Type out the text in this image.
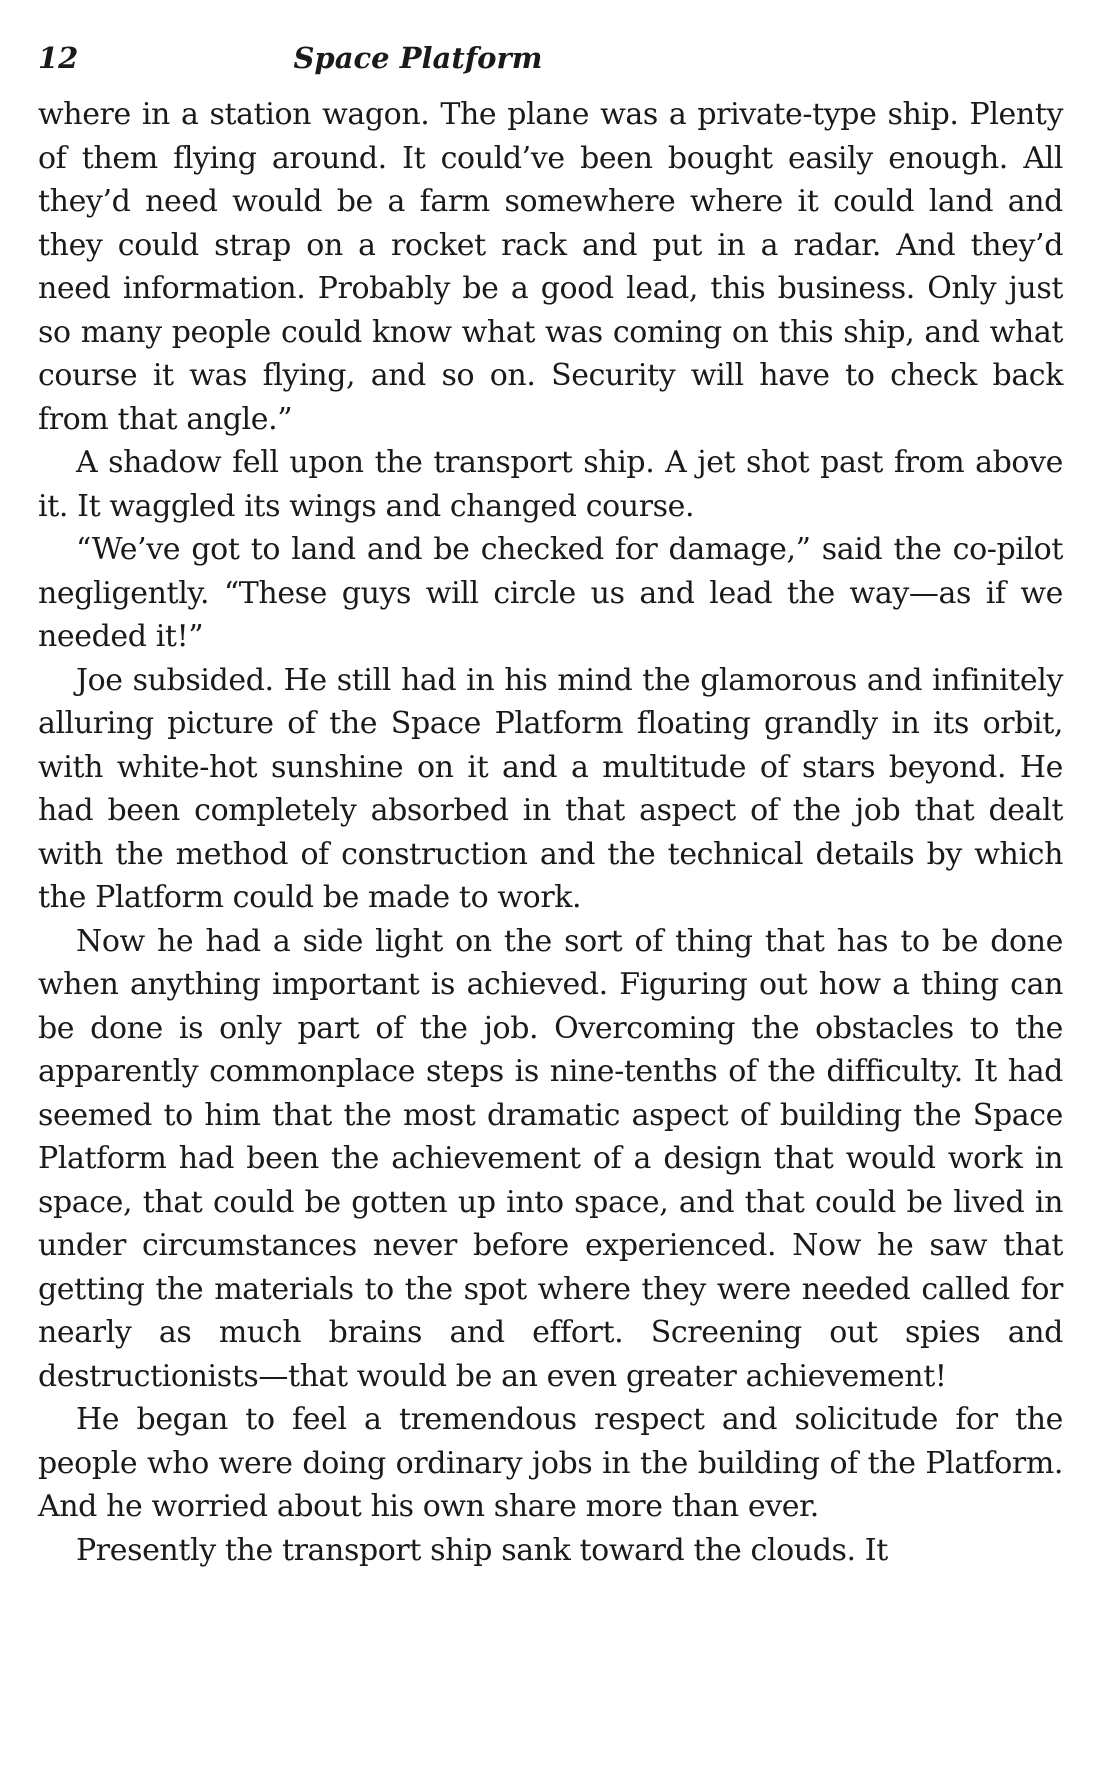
12	Space Platform

where in a station wagon. The plane was a private-type ship. Plenty of them flying around. It could’ve been bought easily enough. All they’d need would be a farm somewhere where it could land and they could strap on a rocket rack and put in a radar. And they’d need information. Probably be a good lead, this business. Only just so many people could know what was coming on this ship, and what course it was flying, and so on. Security will have to check back from that angle.”

A shadow fell upon the transport ship. A jet shot past from above it. It waggled its wings and changed course.

“We’ve got to land and be checked for damage,” said the co-pilot negligently. “These guys will circle us and lead the way—as if we needed it!”

Joe subsided. He still had in his mind the glamorous and infinitely alluring picture of the Space Platform floating grandly in its orbit, with white-hot sunshine on it and a multitude of stars beyond. He had been completely absorbed in that aspect of the job that dealt with the method of construction and the technical details by which the Platform could be made to work.

Now he had a side light on the sort of thing that has to be done when anything important is achieved. Figuring out how a thing can be done is only part of the job. Overcoming the obstacles to the apparently commonplace steps is nine-tenths of the difficulty. It had seemed to him that the most dramatic aspect of building the Space Platform had been the achievement of a design that would work in space, that could be gotten up into space, and that could be lived in under circumstances never before experienced. Now he saw that getting the materials to the spot where they were needed called for nearly as much brains and effort. Screening out spies and destructionists—that would be an even greater achievement!

He began to feel a tremendous respect and solicitude for the people who were doing ordinary jobs in the building of the Platform. And he worried about his own share more than ever.

Presently the transport ship sank toward the clouds. It
